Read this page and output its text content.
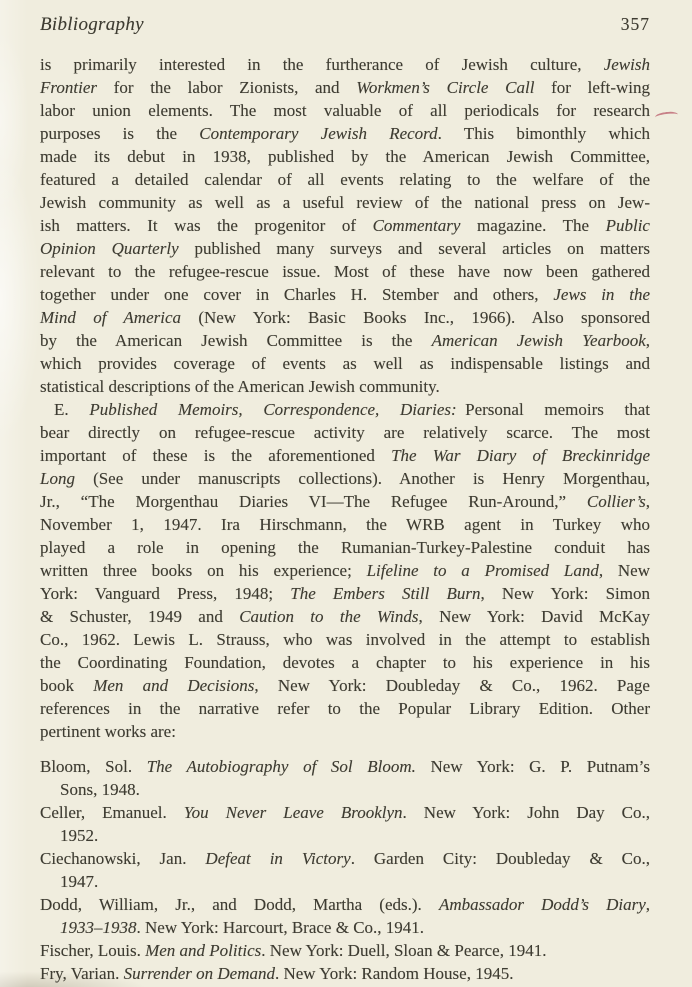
Bibliography	357
is primarily interested in the furtherance of Jewish culture, Jewish
Frontier for the labor Zionists, and Workmen’s Circle Call for left-wing
labor union elements. The most valuable of all periodicals for research
purposes is the Contemporary Jewish Record. This bimonthly which
made its debut in 1938, published by the American Jewish Committee,
featured a detailed calendar of all events relating to the welfare of the
Jewish community as well as a useful review of the national press on Jew-
ish matters. It was the progenitor of Commentary magazine. The Public
Opinion Quarterly published many surveys and several articles on matters
relevant to the refugee-rescue issue. Most of these have now been gathered
together under one cover in Charles H. Stember and others, Jews in the
Mind of America (New York: Basic Books Inc., 1966). Also sponsored
by the American Jewish Committee is the American Jewish Yearbook,
which provides coverage of events as well as indispensable listings and
statistical descriptions of the American Jewish community.
E. Published Memoirs, Correspondence, Diaries: Personal memoirs that
bear directly on refugee-rescue activity are relatively scarce. The most
important of these is the aforementioned The War Diary of Breckinridge
Long (See under manuscripts collections). Another is Henry Morgenthau,
Jr., “The Morgenthau Diaries VI—The Refugee Run-Around,” Collier’s,
November 1, 1947. Ira Hirschmann, the WRB agent in Turkey who
played a role in opening the Rumanian-Turkey-Palestine conduit has
written three books on his experience; Lifeline to a Promised Land, New
York: Vanguard Press, 1948; The Embers Still Burn, New York: Simon
& Schuster, 1949 and Caution to the Winds, New York: David McKay
Co., 1962. Lewis L. Strauss, who was involved in the attempt to establish
the Coordinating Foundation, devotes a chapter to his experience in his
book Men and Decisions, New York: Doubleday & Co., 1962. Page
references in the narrative refer to the Popular Library Edition. Other
pertinent works are:
Bloom, Sol. The Autobiography of Sol Bloom. New York: G. P. Putnam’s
Sons, 1948.
Celler, Emanuel. You Never Leave Brooklyn. New York: John Day Co.,
1952.
Ciechanowski, Jan. Defeat in Victory. Garden City: Doubleday & Co.,
1947.
Dodd, William, Jr., and Dodd, Martha (eds.). Ambassador Dodd’s Diary,
1933–1938. New York: Harcourt, Brace & Co., 1941.
Fischer, Louis. Men and Politics. New York: Duell, Sloan & Pearce, 1941.
Fry, Varian. Surrender on Demand. New York: Random House, 1945.
